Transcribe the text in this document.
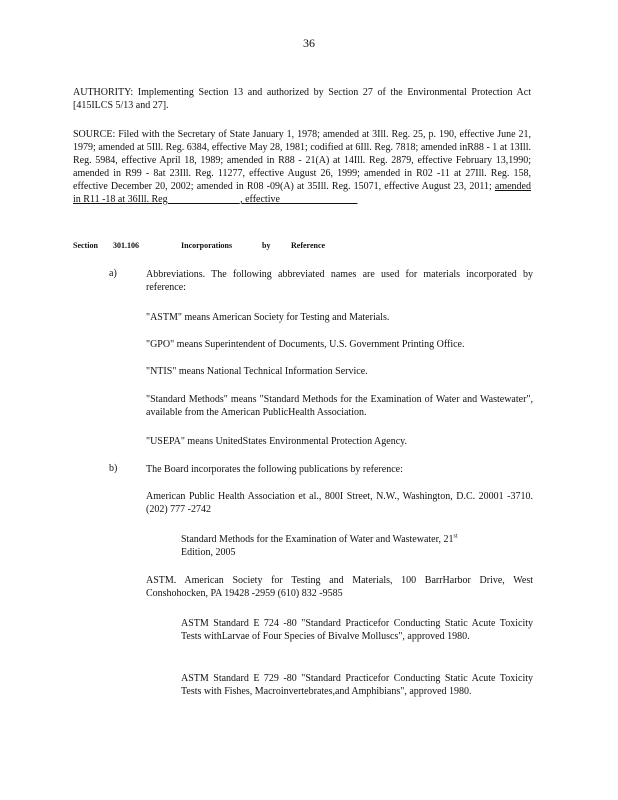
36
AUTHORITY: Implementing Section 13 and authorized by Section 27 of the Environmental Protection Act [415ILCS 5/13 and 27].
SOURCE: Filed with the Secretary of State January 1, 1978; amended at 3Ill. Reg. 25, p. 190, effective June 21, 1979; amended at 5Ill. Reg. 6384, effective May 28, 1981; codified at 6Ill. Reg. 7818; amended inR88 - 1 at 13Ill. Reg. 5984, effective April 18, 1989; amended in R88 - 21(A) at 14Ill. Reg. 2879, effective February 13,1990; amended in R99 - 8at 23Ill. Reg. 11277, effective August 26, 1999; amended in R02 -11 at 27Ill. Reg. 158, effective December 20, 2002; amended in R08 -09(A) at 35Ill. Reg. 15071, effective August 23, 2011; amended in R11 -18 at 36Ill. Reg ______________, effective _______________
Section 301.106	Incorporations	by	Reference
a)	Abbreviations. The following abbreviated names are used for materials incorporated by reference:
"ASTM" means American Society for Testing and Materials.
"GPO" means Superintendent of Documents, U.S. Government Printing Office.
"NTIS" means National Technical Information Service.
"Standard Methods" means "Standard Methods for the Examination of Water and Wastewater", available from the American PublicHealth Association.
"USEPA" means UnitedStates Environmental Protection Agency.
b)	The Board incorporates the following publications by reference:
American Public Health Association et al., 800I Street, N.W., Washington, D.C. 20001 -3710. (202) 777 -2742
Standard Methods for the Examination of Water and Wastewater, 21st
Edition, 2005
ASTM. American Society for Testing and Materials, 100 BarrHarbor Drive, West Conshohocken, PA 19428 -2959 (610) 832 -9585
ASTM Standard E 724 -80 "Standard Practicefor Conducting Static Acute Toxicity Tests withLarvae of Four Species of Bivalve Molluscs", approved 1980.
ASTM Standard E 729 -80 "Standard Practicefor Conducting Static Acute Toxicity Tests with Fishes, Macroinvertebrates,and Amphibians", approved 1980.
